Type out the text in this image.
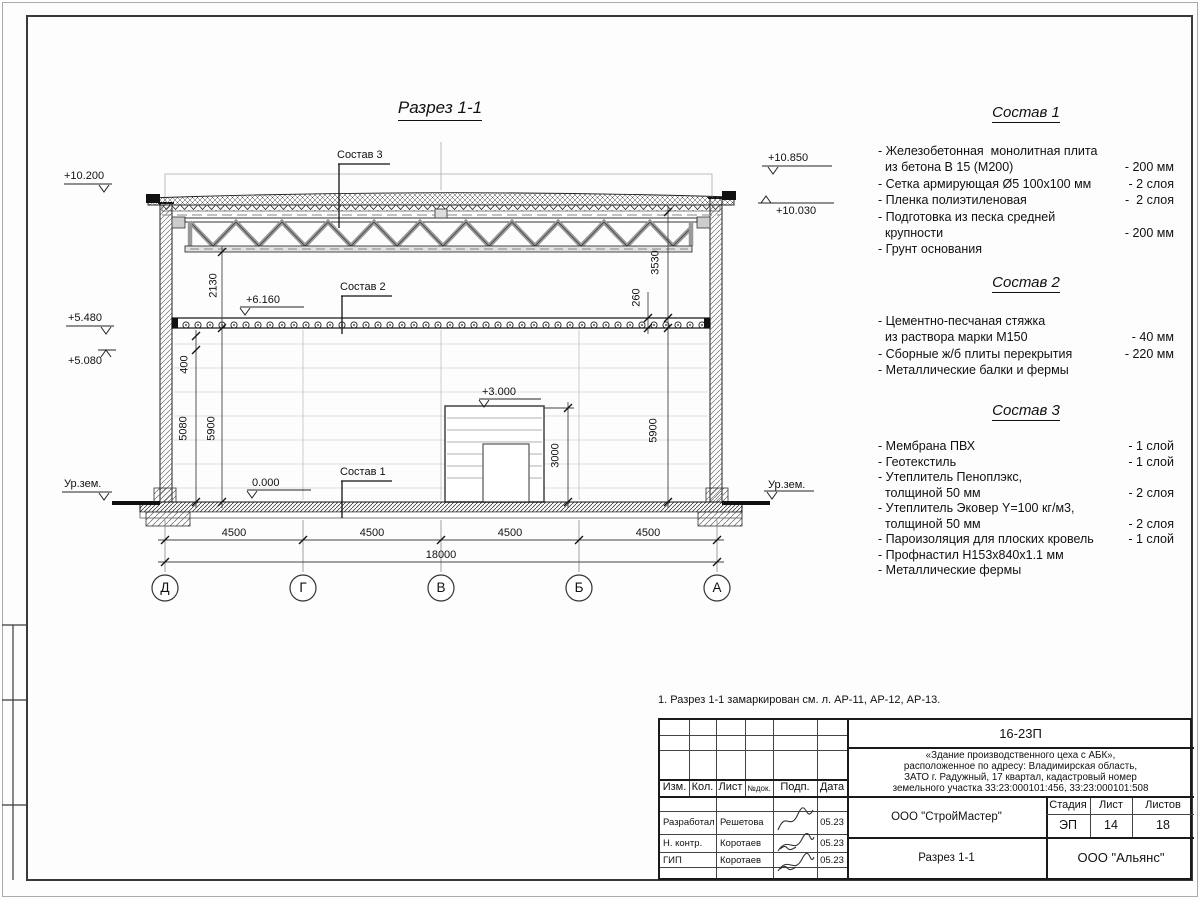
Разрез 1-1
Состав 3
Состав 2
Состав 1
+10.200
+5.480
+5.080
Ур.зем.
+10.850
+10.030
Ур.зем.
+6.160
+3.000
0.000
2130
3530
260
400
5080 5900	5900
3000
4500	4500	4500	4500
18000
Д	Г	В	Б	А
Состав 1
- Железобетонная  монолитная плита
из бетона В 15 (М200)	- 200 мм
- Сетка армирующая Ø5 100х100 мм	- 2 слоя
- Пленка полиэтиленовая	-  2 слоя
- Подготовка из песка средней
крупности	- 200 мм
- Грунт основания
Состав 2
- Цементно-песчаная стяжка
из раствора марки М150	- 40 мм
- Сборные ж/б плиты перекрытия	- 220 мм
- Металлические балки и фермы
Состав 3
- Мембрана ПВХ	- 1 слой
- Геотекстиль	- 1 слой
- Утеплитель Пеноплэкс,
толщиной 50 мм	- 2 слоя
- Утеплитель Эковер Y=100 кг/м3,
толщиной 50 мм	- 2 слоя
- Пароизоляция для плоских кровель	- 1 слой
- Профнастил Н153х840х1.1 мм
- Металлические фермы
1. Разрез 1-1 замаркирован см. л. АР-11, АР-12, АР-13.
Изм. Кол. Лист №док. Подп. Дата
Разработал Решетова	05.23
Н. контр.	Коротаев	05.23
ГИП	Коротаев	05.23
16-23П
«Здание производственного цеха с АБК»,
расположенное по адресу: Владимирская область,
ЗАТО г. Радужный, 17 квартал, кадастровый номер
земельного участка 33:23:000101:456, 33:23:000101:508
ООО "СтройМастер"
Стадия	Лист	Листов
ЭП	14	18
Разрез 1-1	ООО "Альянс"
